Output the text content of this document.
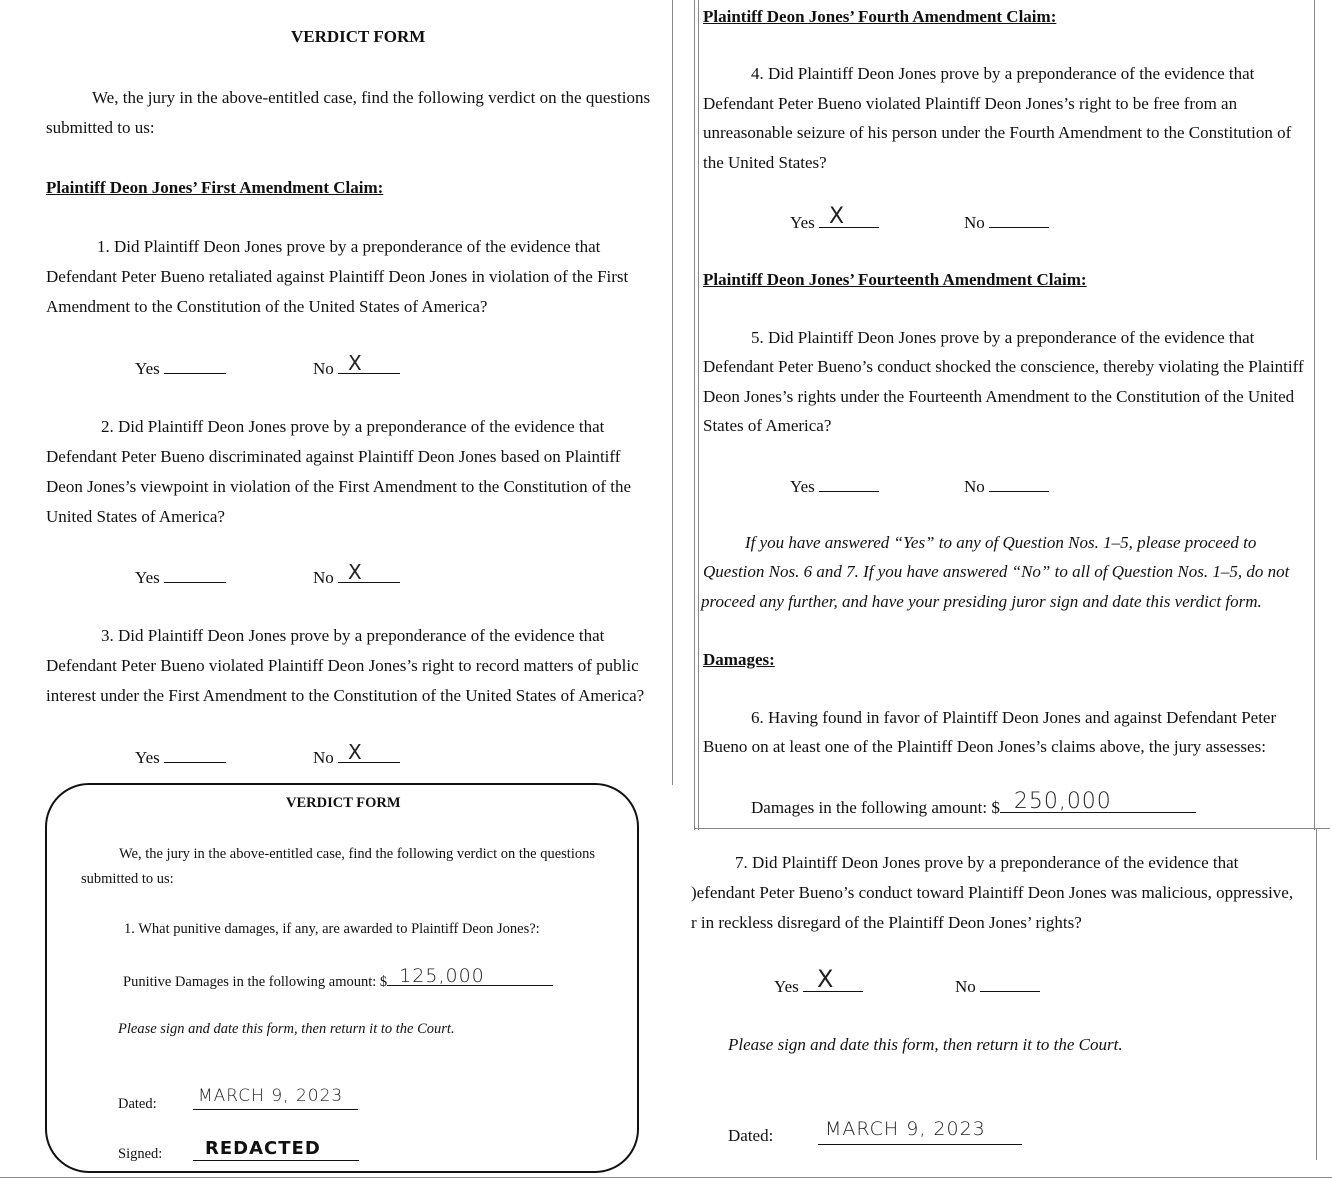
VERDICT FORM
We, the jury in the above-entitled case, find the following verdict on the questions
submitted to us:
Plaintiff Deon Jones’ First Amendment Claim:
1. Did Plaintiff Deon Jones prove by a preponderance of the evidence that
Defendant Peter Bueno retaliated against Plaintiff Deon Jones in violation of the First
Amendment to the Constitution of the United States of America?
Yes	No X
2. Did Plaintiff Deon Jones prove by a preponderance of the evidence that
Defendant Peter Bueno discriminated against Plaintiff Deon Jones based on Plaintiff
Deon Jones’s viewpoint in violation of the First Amendment to the Constitution of the
United States of America?
Yes	No X
3. Did Plaintiff Deon Jones prove by a preponderance of the evidence that
Defendant Peter Bueno violated Plaintiff Deon Jones’s right to record matters of public
interest under the First Amendment to the Constitution of the United States of America?
Yes	No X
VERDICT FORM
We, the jury in the above-entitled case, find the following verdict on the questions
submitted to us:
1. What punitive damages, if any, are awarded to Plaintiff Deon Jones?:
Punitive Damages in the following amount: $ 125,000
Please sign and date this form, then return it to the Court.
Dated: MARCH 9, 2023
Signed: REDACTED
Plaintiff Deon Jones’ Fourth Amendment Claim:
4. Did Plaintiff Deon Jones prove by a preponderance of the evidence that
Defendant Peter Bueno violated Plaintiff Deon Jones’s right to be free from an
unreasonable seizure of his person under the Fourth Amendment to the Constitution of
the United States?
Yes X	No
Plaintiff Deon Jones’ Fourteenth Amendment Claim:
5. Did Plaintiff Deon Jones prove by a preponderance of the evidence that
Defendant Peter Bueno’s conduct shocked the conscience, thereby violating the Plaintiff
Deon Jones’s rights under the Fourteenth Amendment to the Constitution of the United
States of America?
Yes	No
If you have answered “Yes” to any of Question Nos. 1–5, please proceed to
Question Nos. 6 and 7. If you have answered “No” to all of Question Nos. 1–5, do not
proceed any further, and have your presiding juror sign and date this verdict form.
Damages:
6. Having found in favor of Plaintiff Deon Jones and against Defendant Peter
Bueno on at least one of the Plaintiff Deon Jones’s claims above, the jury assesses:
Damages in the following amount: $ 250,000
7. Did Plaintiff Deon Jones prove by a preponderance of the evidence that
)efendant Peter Bueno’s conduct toward Plaintiff Deon Jones was malicious, oppressive,
r in reckless disregard of the Plaintiff Deon Jones’ rights?
Yes X	No
Please sign and date this form, then return it to the Court.
Dated:	MARCH 9, 2023
